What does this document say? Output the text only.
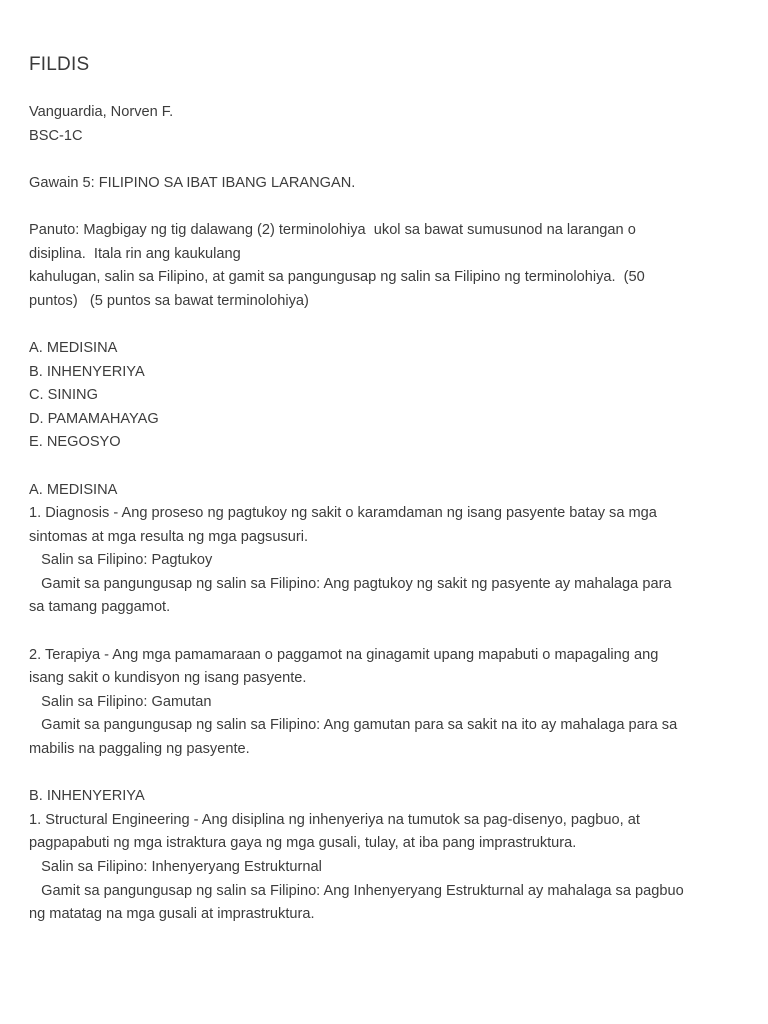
FILDIS

Vanguardia, Norven F.

BSC-1C

Gawain 5: FILIPINO SA IBAT IBANG LARANGAN.

Panuto: Magbigay ng tig dalawang (2) terminolohiya  ukol sa bawat sumusunod na larangan o

disiplina.  Itala rin ang kaukulang

kahulugan, salin sa Filipino, at gamit sa pangungusap ng salin sa Filipino ng terminolohiya.  (50

puntos)   (5 puntos sa bawat terminolohiya)

A. MEDISINA

B. INHENYERIYA

C. SINING

D. PAMAMAHAYAG

E. NEGOSYO

A. MEDISINA

1. Diagnosis - Ang proseso ng pagtukoy ng sakit o karamdaman ng isang pasyente batay sa mga

sintomas at mga resulta ng mga pagsusuri.

Salin sa Filipino: Pagtukoy

Gamit sa pangungusap ng salin sa Filipino: Ang pagtukoy ng sakit ng pasyente ay mahalaga para

sa tamang paggamot.

2. Terapiya - Ang mga pamamaraan o paggamot na ginagamit upang mapabuti o mapagaling ang

isang sakit o kundisyon ng isang pasyente.

Salin sa Filipino: Gamutan

Gamit sa pangungusap ng salin sa Filipino: Ang gamutan para sa sakit na ito ay mahalaga para sa

mabilis na paggaling ng pasyente.

B. INHENYERIYA

1. Structural Engineering - Ang disiplina ng inhenyeriya na tumutok sa pag-disenyo, pagbuo, at

pagpapabuti ng mga istraktura gaya ng mga gusali, tulay, at iba pang imprastruktura.

Salin sa Filipino: Inhenyeryang Estrukturnal

Gamit sa pangungusap ng salin sa Filipino: Ang Inhenyeryang Estrukturnal ay mahalaga sa pagbuo

ng matatag na mga gusali at imprastruktura.
